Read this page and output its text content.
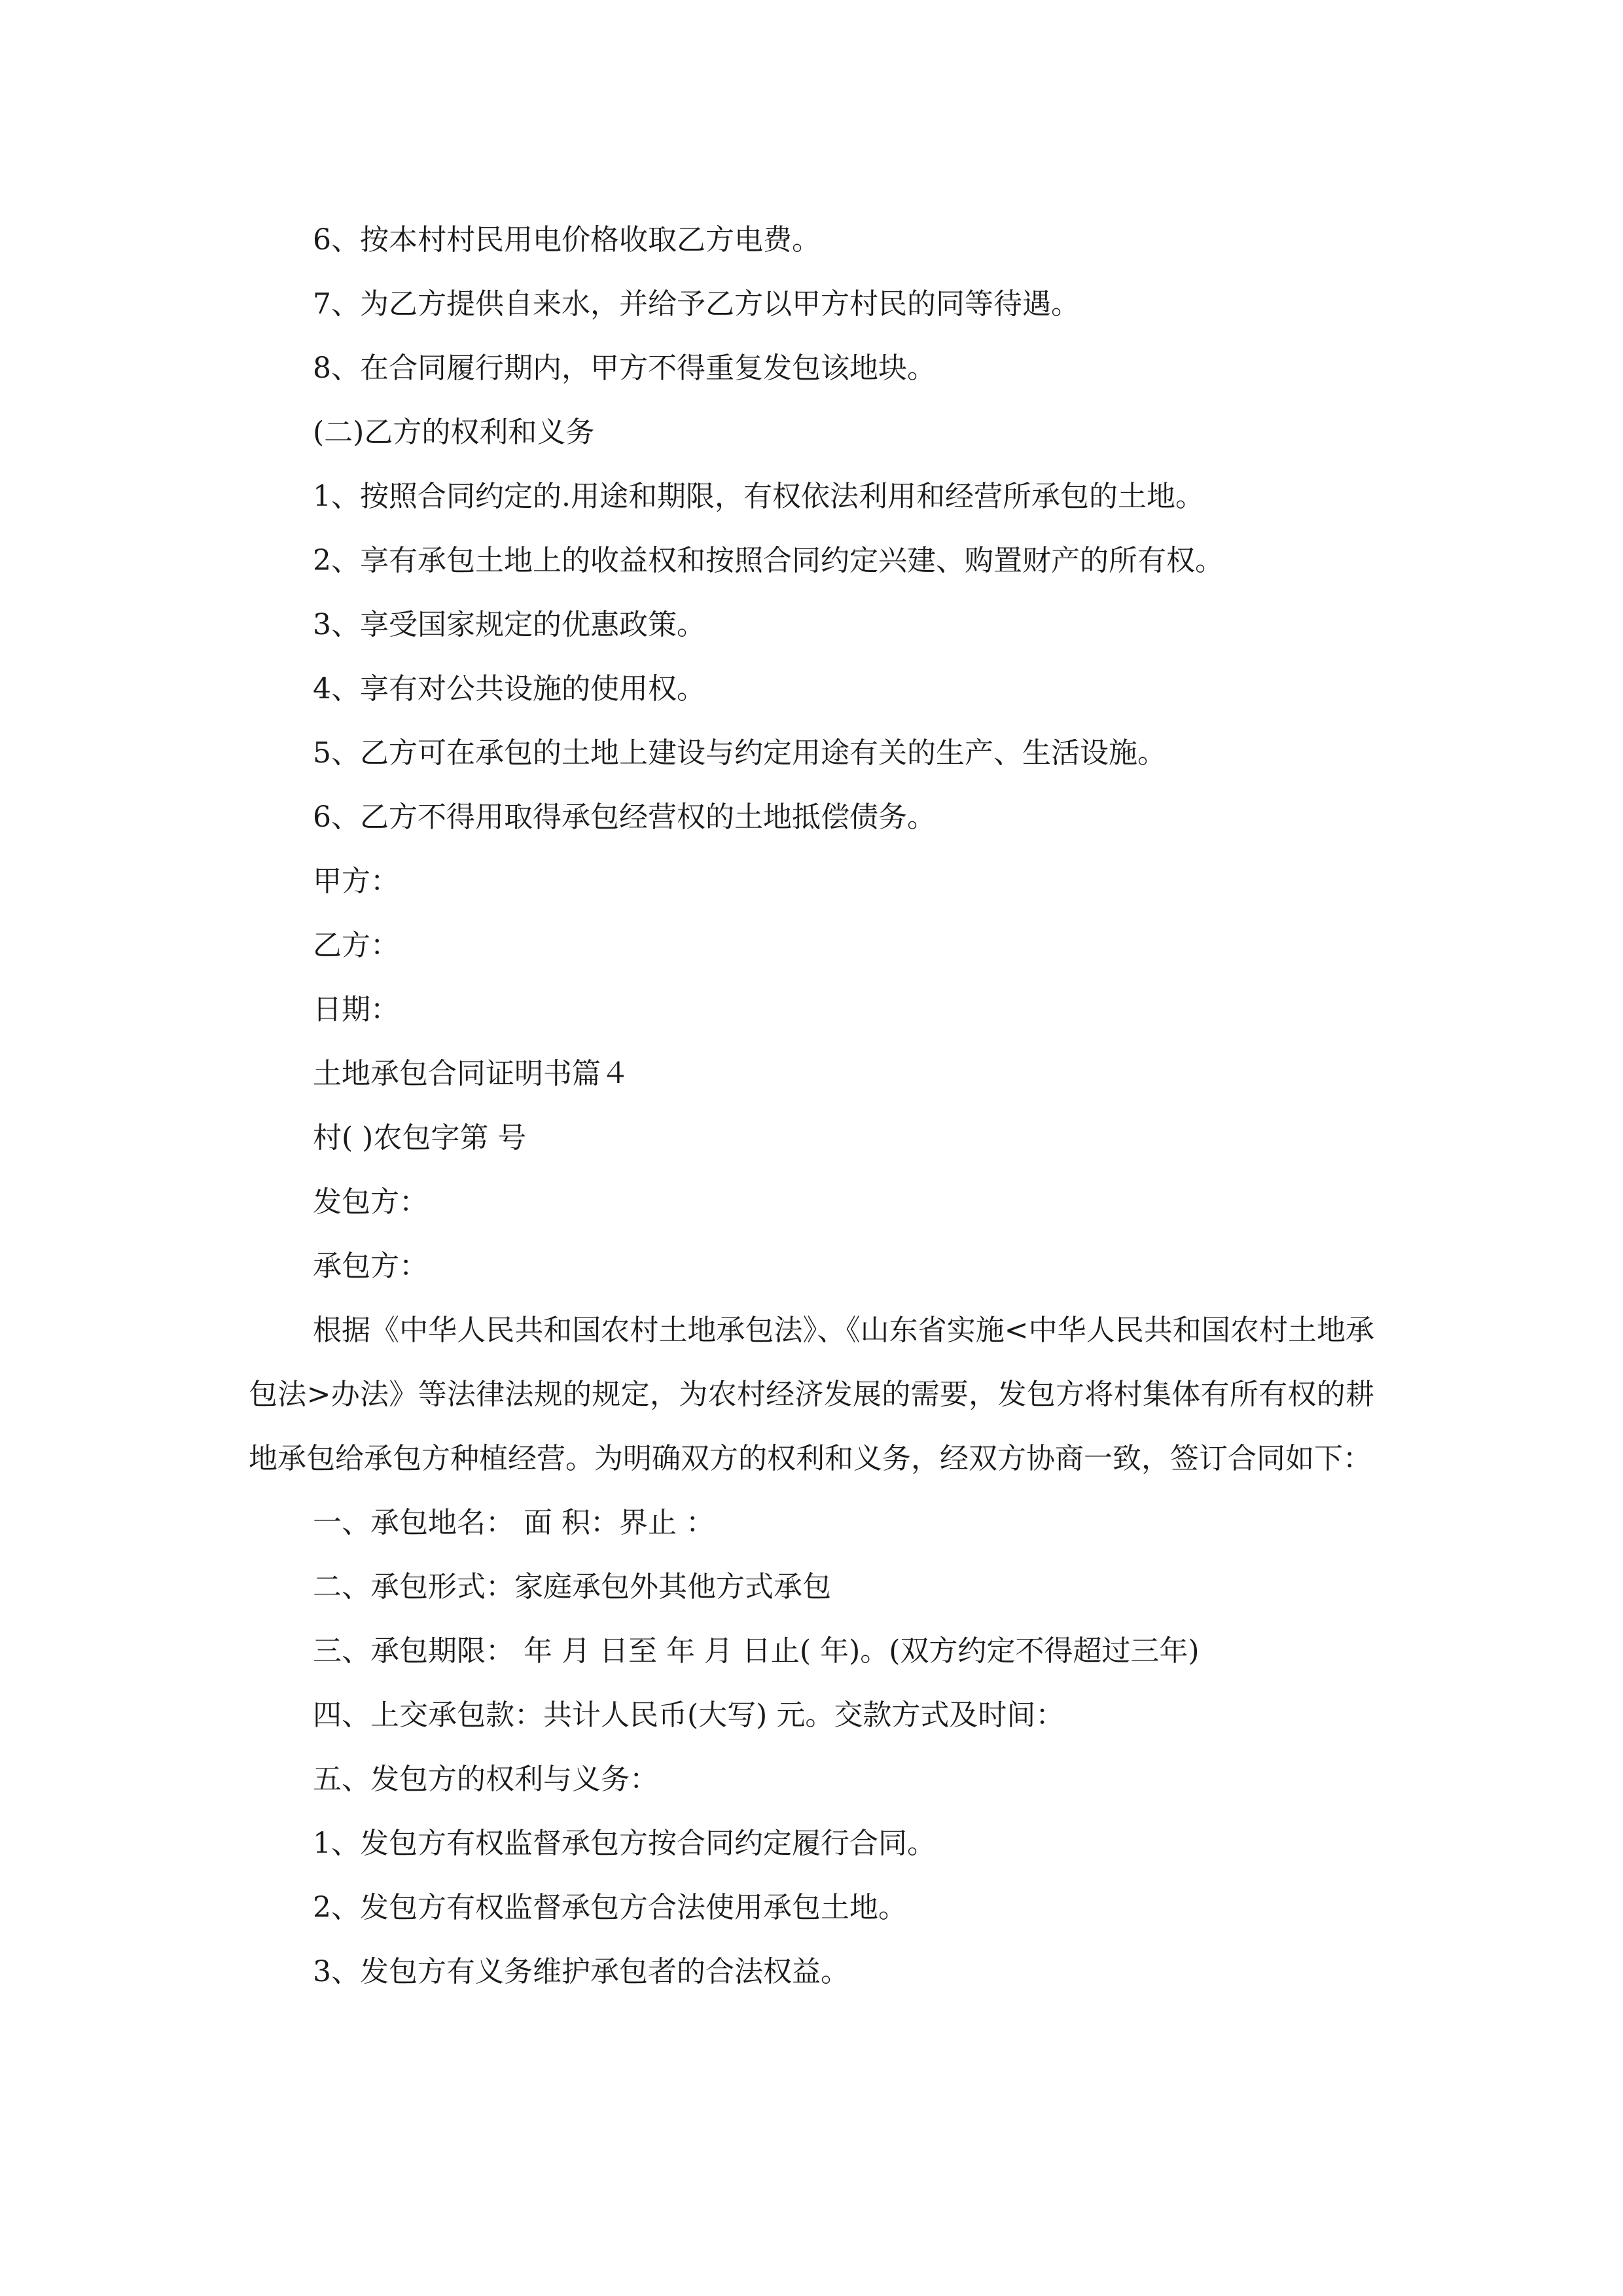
6、按本村村民用电价格收取乙方电费。

7、为乙方提供自来水，并给予乙方以甲方村民的同等待遇。

8、在合同履行期内，甲方不得重复发包该地块。

(二)乙方的权利和义务

1、按照合同约定的.用途和期限，有权依法利用和经营所承包的土地。

2、享有承包土地上的收益权和按照合同约定兴建、购置财产的所有权。

3、享受国家规定的优惠政策。

4、享有对公共设施的使用权。

5、乙方可在承包的土地上建设与约定用途有关的生产、生活设施。

6、乙方不得用取得承包经营权的土地抵偿债务。

甲方：

乙方：

日期：

土地承包合同证明书篇４

村( )农包字第 号

发包方：

承包方：

根据《中华人民共和国农村土地承包法》、《山东省实施<中华人民共和国农村土地承包法>办法》等法律法规的规定，为农村经济发展的需要，发包方将村集体有所有权的耕地承包给承包方种植经营。为明确双方的权利和义务，经双方协商一致，签订合同如下：

一、承包地名： 面 积：界止 ：

二、承包形式：家庭承包外其他方式承包

三、承包期限： 年 月 日至 年 月 日止( 年)。(双方约定不得超过三年)

四、上交承包款：共计人民币(大写) 元。交款方式及时间：

五、发包方的权利与义务：

1、发包方有权监督承包方按合同约定履行合同。

2、发包方有权监督承包方合法使用承包土地。

3、发包方有义务维护承包者的合法权益。
